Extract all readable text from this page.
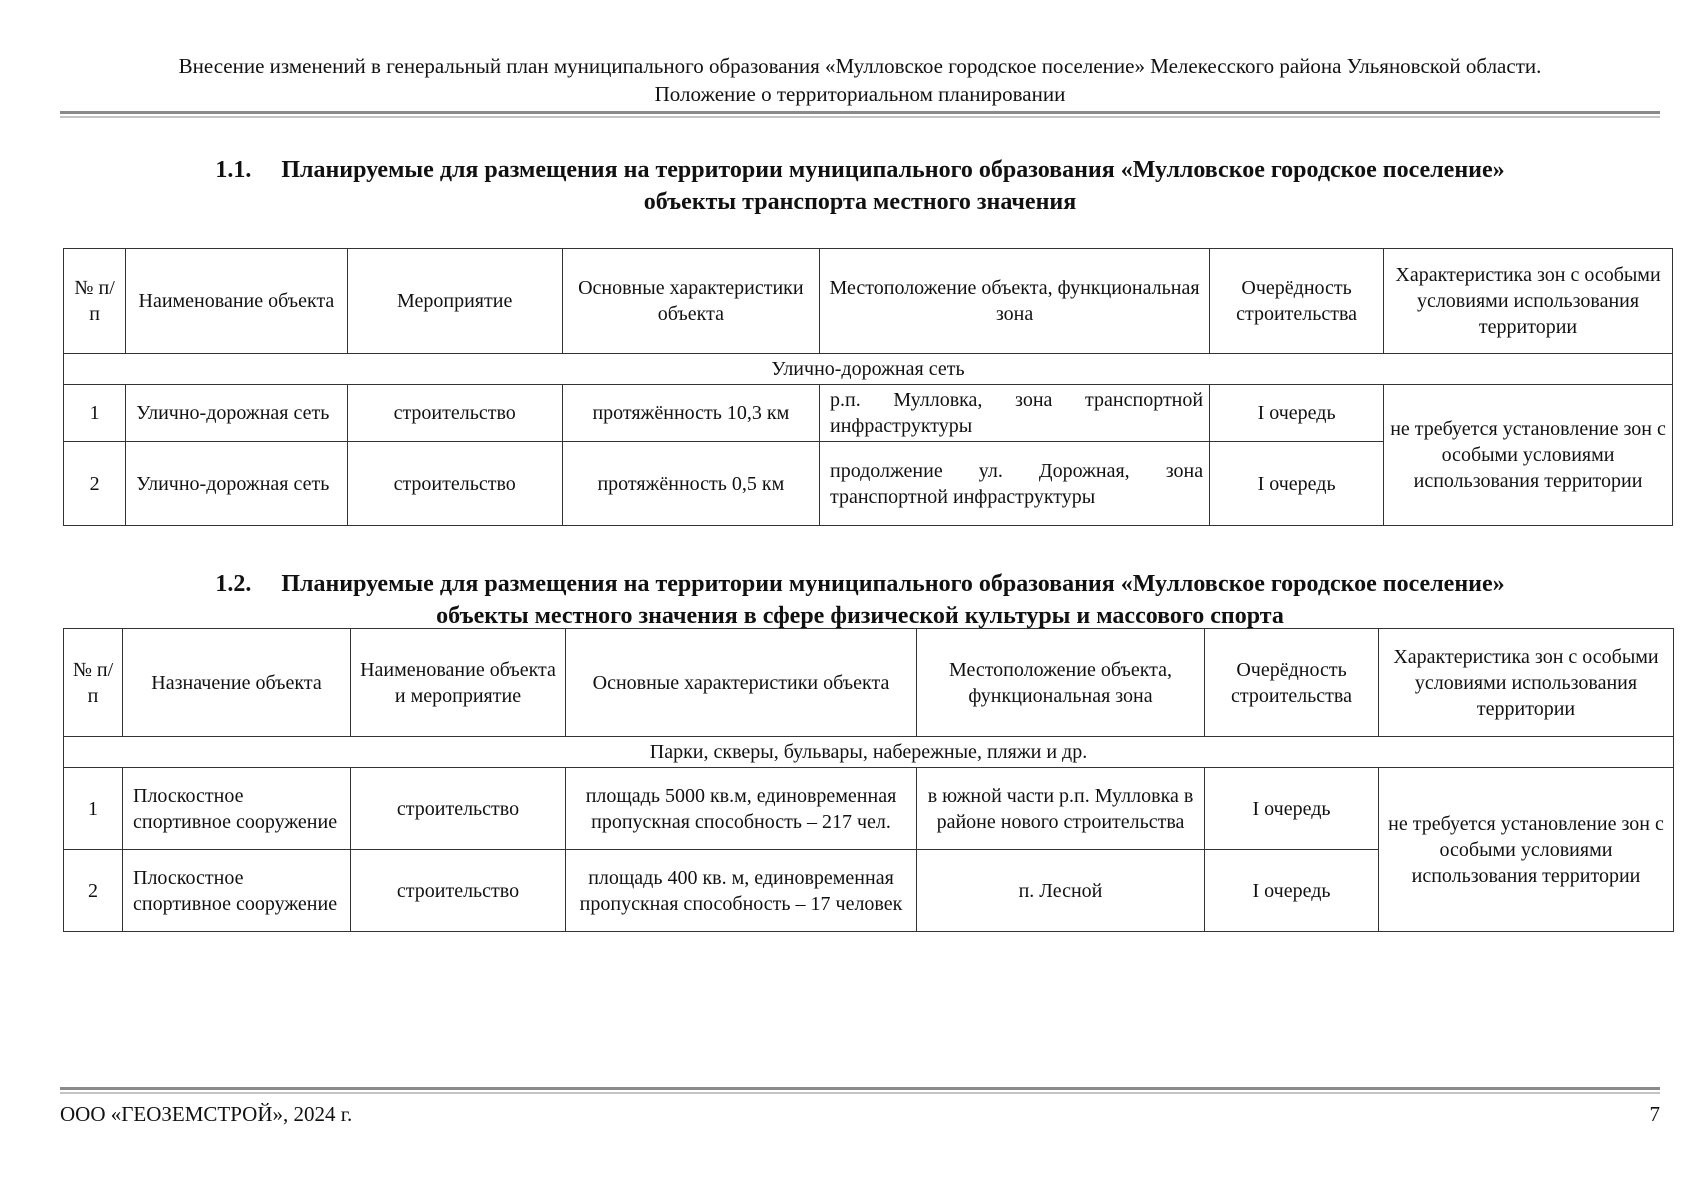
Внесение изменений в генеральный план муниципального образования «Мулловское городское поселение» Мелекесского района Ульяновской области.
Положение о территориальном планировании
1.1. Планируемые для размещения на территории муниципального образования «Мулловское городское поселение»
объекты транспорта местного значения
№ п/п	Наименование объекта	Мероприятие	Основные характеристики объекта	Местоположение объекта, функциональная зона	Очерёдность строительства	Характеристика зон с особыми условиями использования территории
Улично-дорожная сеть						
1	Улично-дорожная сеть	строительство	протяжённость 10,3 км	р.п. Мулловка, зона транспортной инфраструктуры	I очередь	не требуется установление зон с особыми условиями использования территории
2	Улично-дорожная сеть	строительство	протяжённость 0,5 км	продолжение ул. Дорожная, зона транспортной инфраструктуры	I очередь	
1.2. Планируемые для размещения на территории муниципального образования «Мулловское городское поселение»
объекты местного значения в сфере физической культуры и массового спорта
№ п/п	Назначение объекта	Наименование объекта и мероприятие	Основные характеристики объекта	Местоположение объекта, функциональная зона	Очерёдность строительства	Характеристика зон с особыми условиями использования территории
Парки, скверы, бульвары, набережные, пляжи и др.						
1	Плоскостное спортивное сооружение	строительство	площадь 5000 кв.м, единовременная пропускная способность – 217 чел.	в южной части р.п. Мулловка в районе нового строительства	I очередь	не требуется установление зон с особыми условиями использования территории
2	Плоскостное спортивное сооружение	строительство	площадь 400 кв. м, единовременная пропускная способность – 17 человек	п. Лесной	I очередь	
ООО «ГЕОЗЕМСТРОЙ», 2024 г.	7
